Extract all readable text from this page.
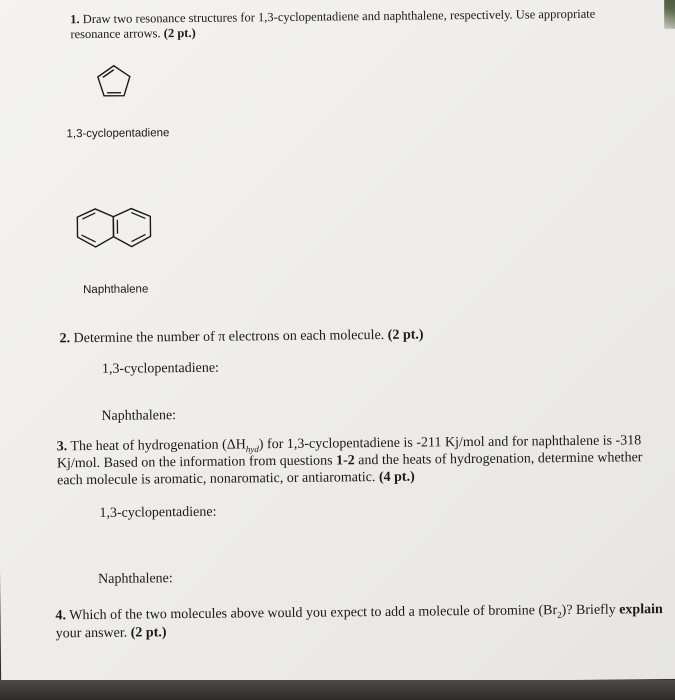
1. Draw two resonance structures for 1,3-cyclopentadiene and naphthalene, respectively. Use appropriate
resonance arrows. (2 pt.)
1,3-cyclopentadiene
Naphthalene
2. Determine the number of π electrons on each molecule. (2 pt.)
1,3-cyclopentadiene:
Naphthalene:
3. The heat of hydrogenation $(\Delta H_{hyd})$ for 1,3-cyclopentadiene is -211 Kj/mol and for naphthalene is -318
Kj/mol. Based on the information from questions 1-2 and the heats of hydrogenation, determine whether
each molecule is aromatic, nonaromatic, or antiaromatic. (4 pt.)
1,3-cyclopentadiene:
Naphthalene:
4. Which of the two molecules above would you expect to add a molecule of bromine $(Br_2)$? Briefly explain
your answer. (2 pt.)
